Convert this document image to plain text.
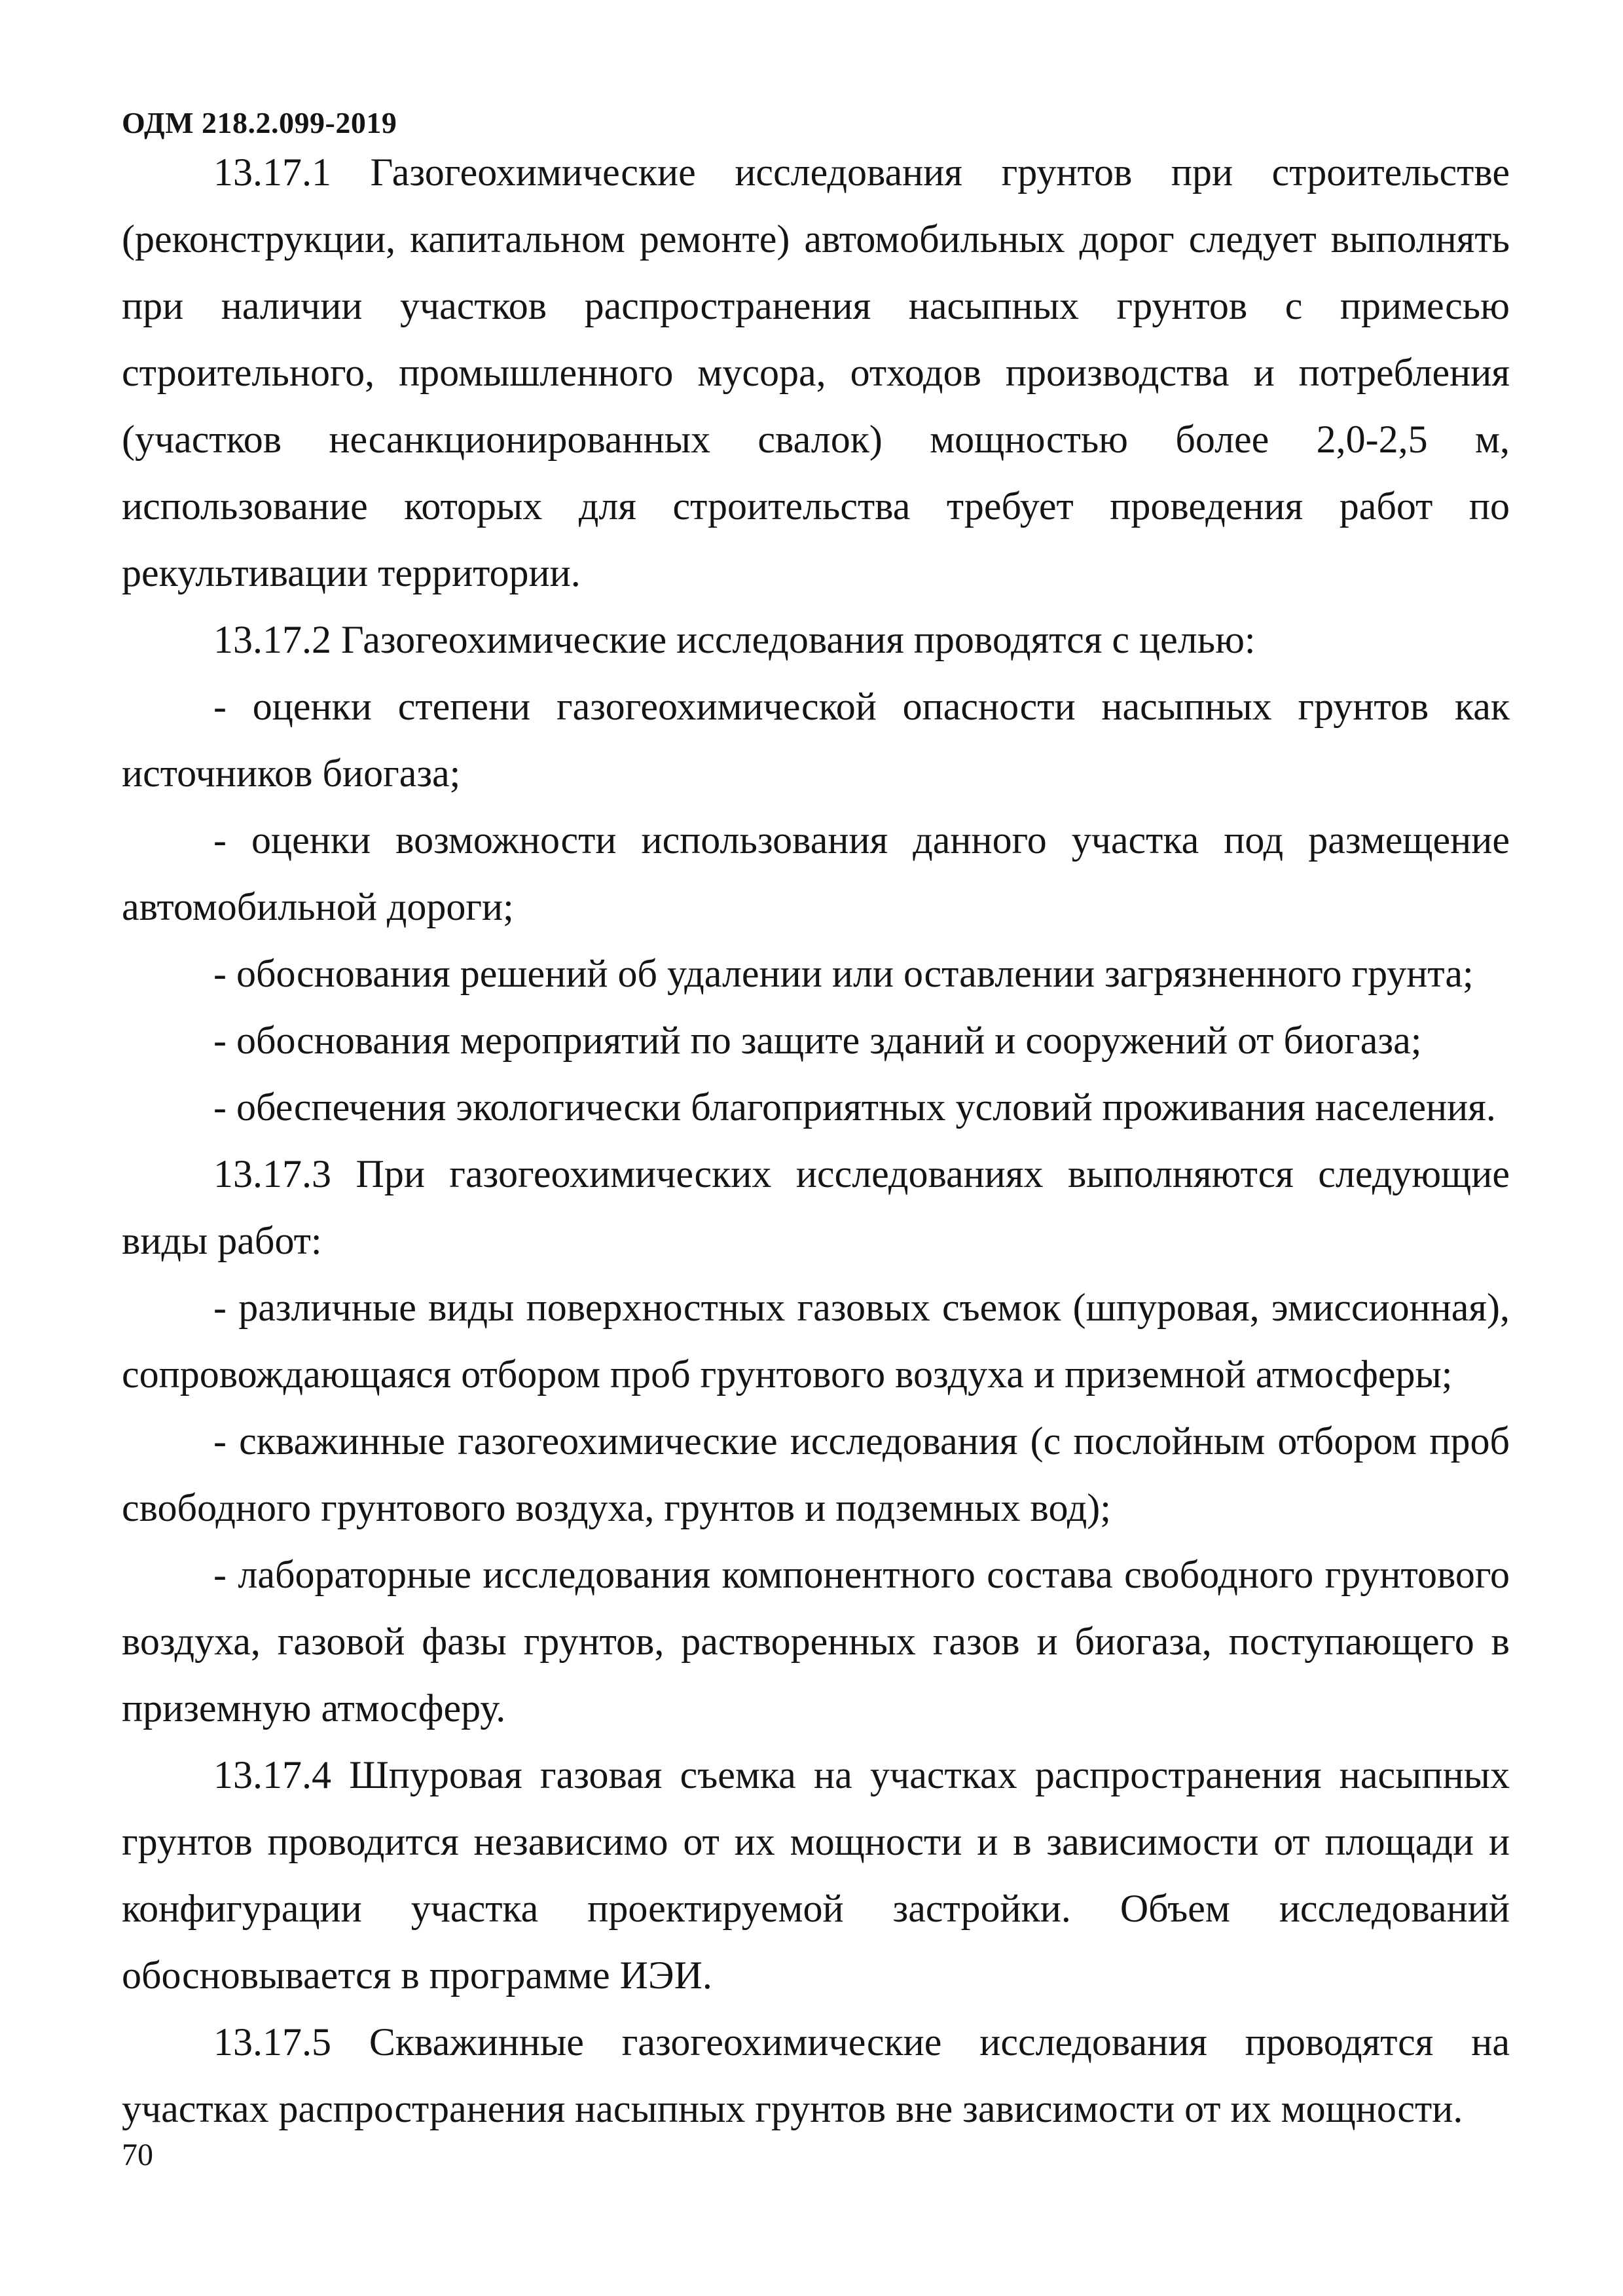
ОДМ 218.2.099-2019

13.17.1 Газогеохимические исследования грунтов при строительстве (реконструкции, капитальном ремонте) автомобильных дорог следует выполнять при наличии участков распространения насыпных грунтов с примесью строительного, промышленного мусора, отходов производства и потребления (участков несанкционированных свалок) мощностью более 2,0-2,5 м, использование которых для строительства требует проведения работ по рекультивации территории.

13.17.2 Газогеохимические исследования проводятся с целью:

- оценки степени газогеохимической опасности насыпных грунтов как источников биогаза;

- оценки возможности использования данного участка под размещение автомобильной дороги;

- обоснования решений об удалении или оставлении загрязненного грунта;

- обоснования мероприятий по защите зданий и сооружений от биогаза;

- обеспечения экологически благоприятных условий проживания населения.

13.17.3 При газогеохимических исследованиях выполняются следующие виды работ:

- различные виды поверхностных газовых съемок (шпуровая, эмиссионная), сопровождающаяся отбором проб грунтового воздуха и приземной атмосферы;

- скважинные газогеохимические исследования (с послойным отбором проб свободного грунтового воздуха, грунтов и подземных вод);

- лабораторные исследования компонентного состава свободного грунтового воздуха, газовой фазы грунтов, растворенных газов и биогаза, поступающего в приземную атмосферу.

13.17.4 Шпуровая газовая съемка на участках распространения насыпных грунтов проводится независимо от их мощности и в зависимости от площади и конфигурации участка проектируемой застройки. Объем исследований обосновывается в программе ИЭИ.

13.17.5 Скважинные газогеохимические исследования проводятся на участках распространения насыпных грунтов вне зависимости от их мощности.

70
